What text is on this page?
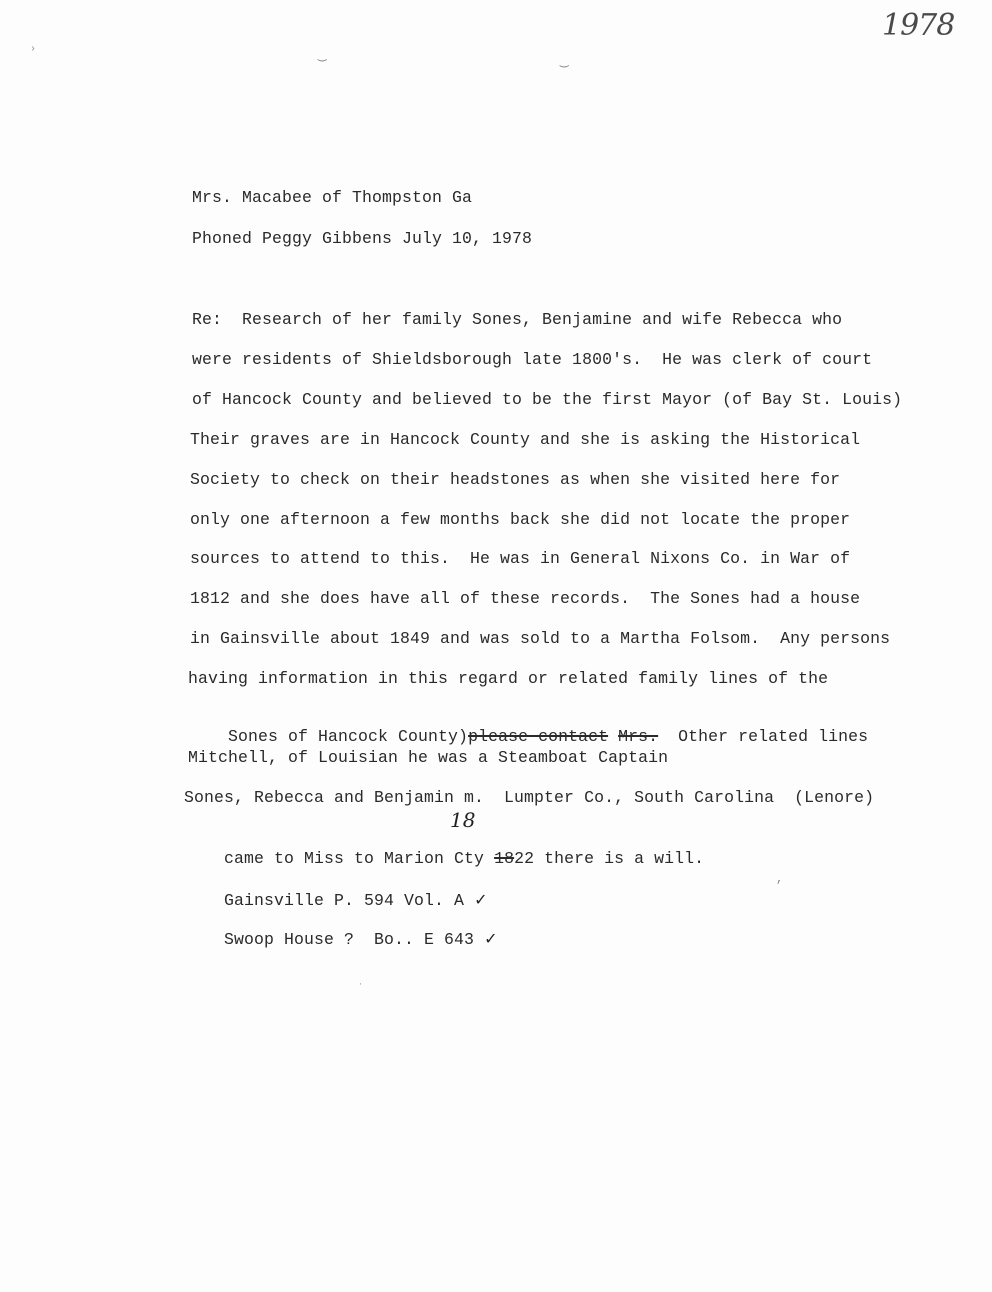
1978
›	‿	‿
,
Mrs. Macabee of Thompston Ga
Phoned Peggy Gibbens July 10, 1978
Re:  Research of her family Sones, Benjamine and wife Rebecca who
were residents of Shieldsborough late 1800's.  He was clerk of court
of Hancock County and believed to be the first Mayor (of Bay St. Louis)
Their graves are in Hancock County and she is asking the Historical
Society to check on their headstones as when she visited here for
only one afternoon a few months back she did not locate the proper
sources to attend to this.  He was in General Nixons Co. in War of
1812 and she does have all of these records.  The Sones had a house
in Gainsville about 1849 and was sold to a Martha Folsom.  Any persons
having information in this regard or related family lines of the

Sones of Hancock County)please contact Mrs.  Other related lines

Mitchell, of Louisian he was a Steamboat Captain
Sones, Rebecca and Benjamin m.  Lumpter Co., South Carolina  (Lenore)

came to Miss to Marion Cty 1822 there is a will.

18

Gainsville P. 594 Vol. A ✓

Swoop House ?  Bo.. E 643 ✓

·
